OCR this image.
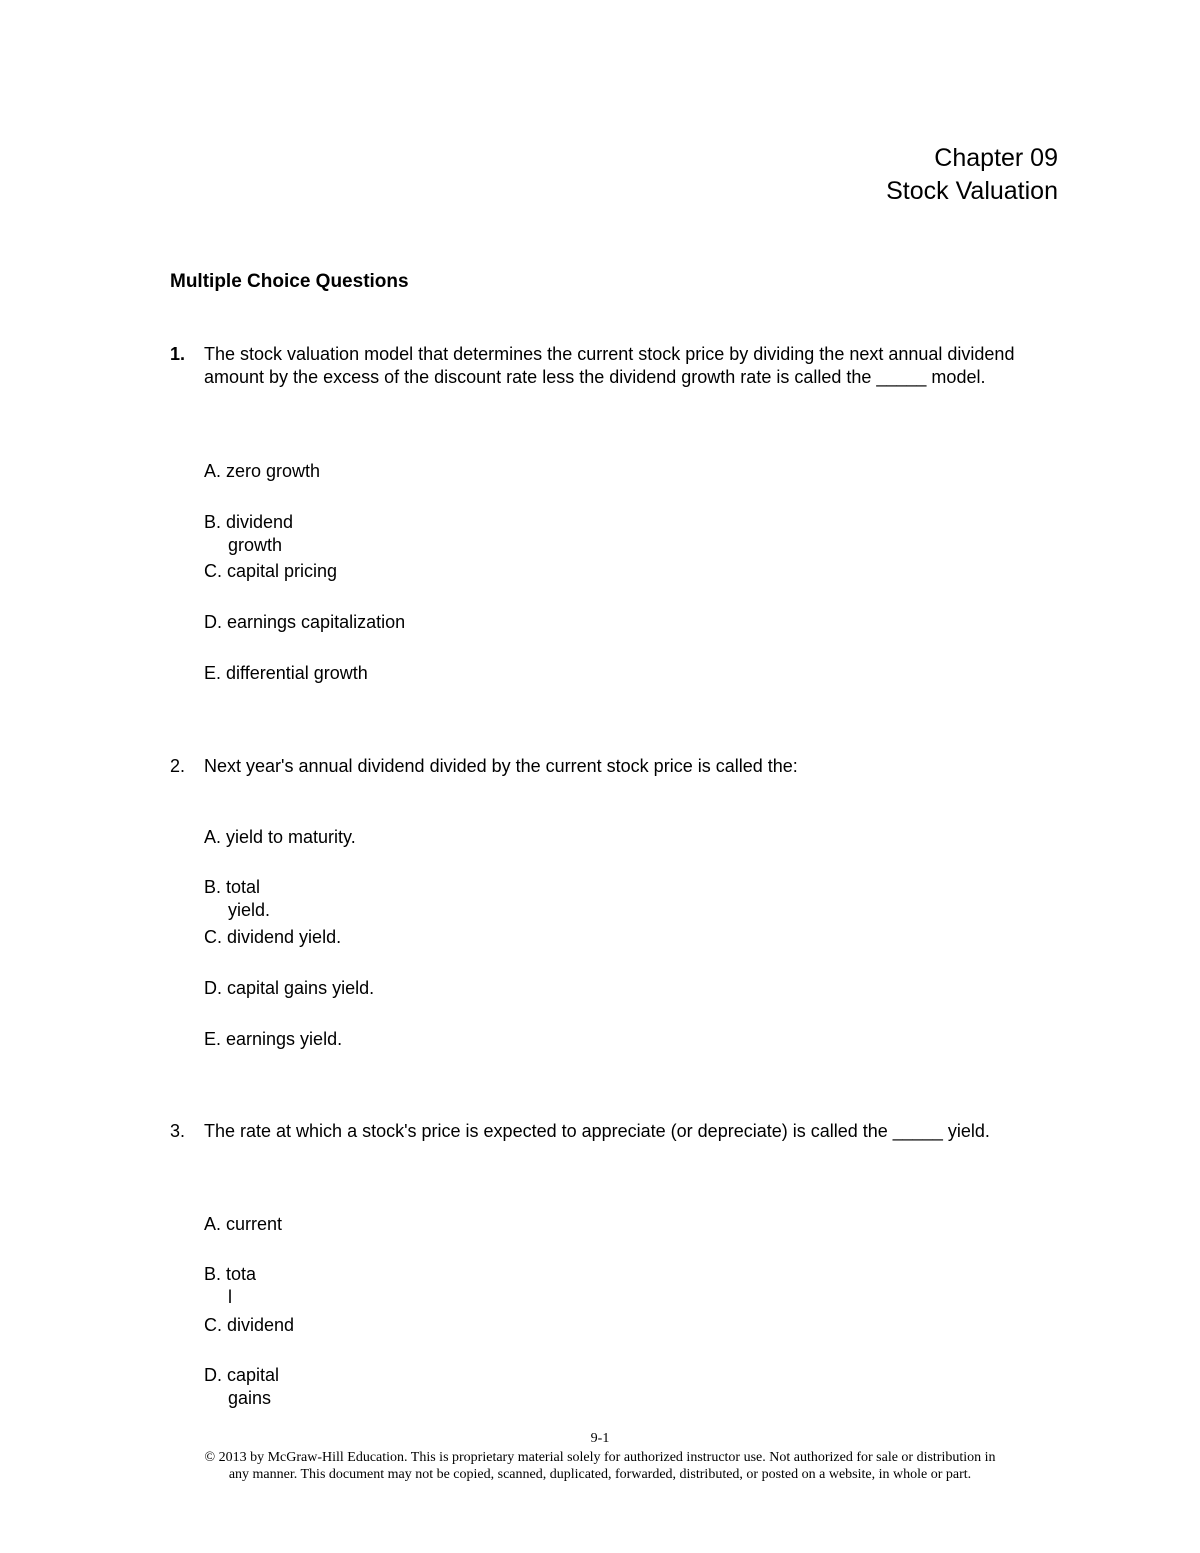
Chapter 09
Stock Valuation
Multiple Choice Questions
1. The stock valuation model that determines the current stock price by dividing the next annual dividend amount by the excess of the discount rate less the dividend growth rate is called the _____ model.
A. zero growth
B. dividend
growth
C. capital pricing
D. earnings capitalization
E. differential growth
2. Next year's annual dividend divided by the current stock price is called the:
A. yield to maturity.
B. total
yield.
C. dividend yield.
D. capital gains yield.
E. earnings yield.
3. The rate at which a stock's price is expected to appreciate (or depreciate) is called the _____ yield.
A. current
B. tota
l
C. dividend
D. capital
gains
9-1
© 2013 by McGraw-Hill Education. This is proprietary material solely for authorized instructor use. Not authorized for sale or distribution in
any manner. This document may not be copied, scanned, duplicated, forwarded, distributed, or posted on a website, in whole or part.
